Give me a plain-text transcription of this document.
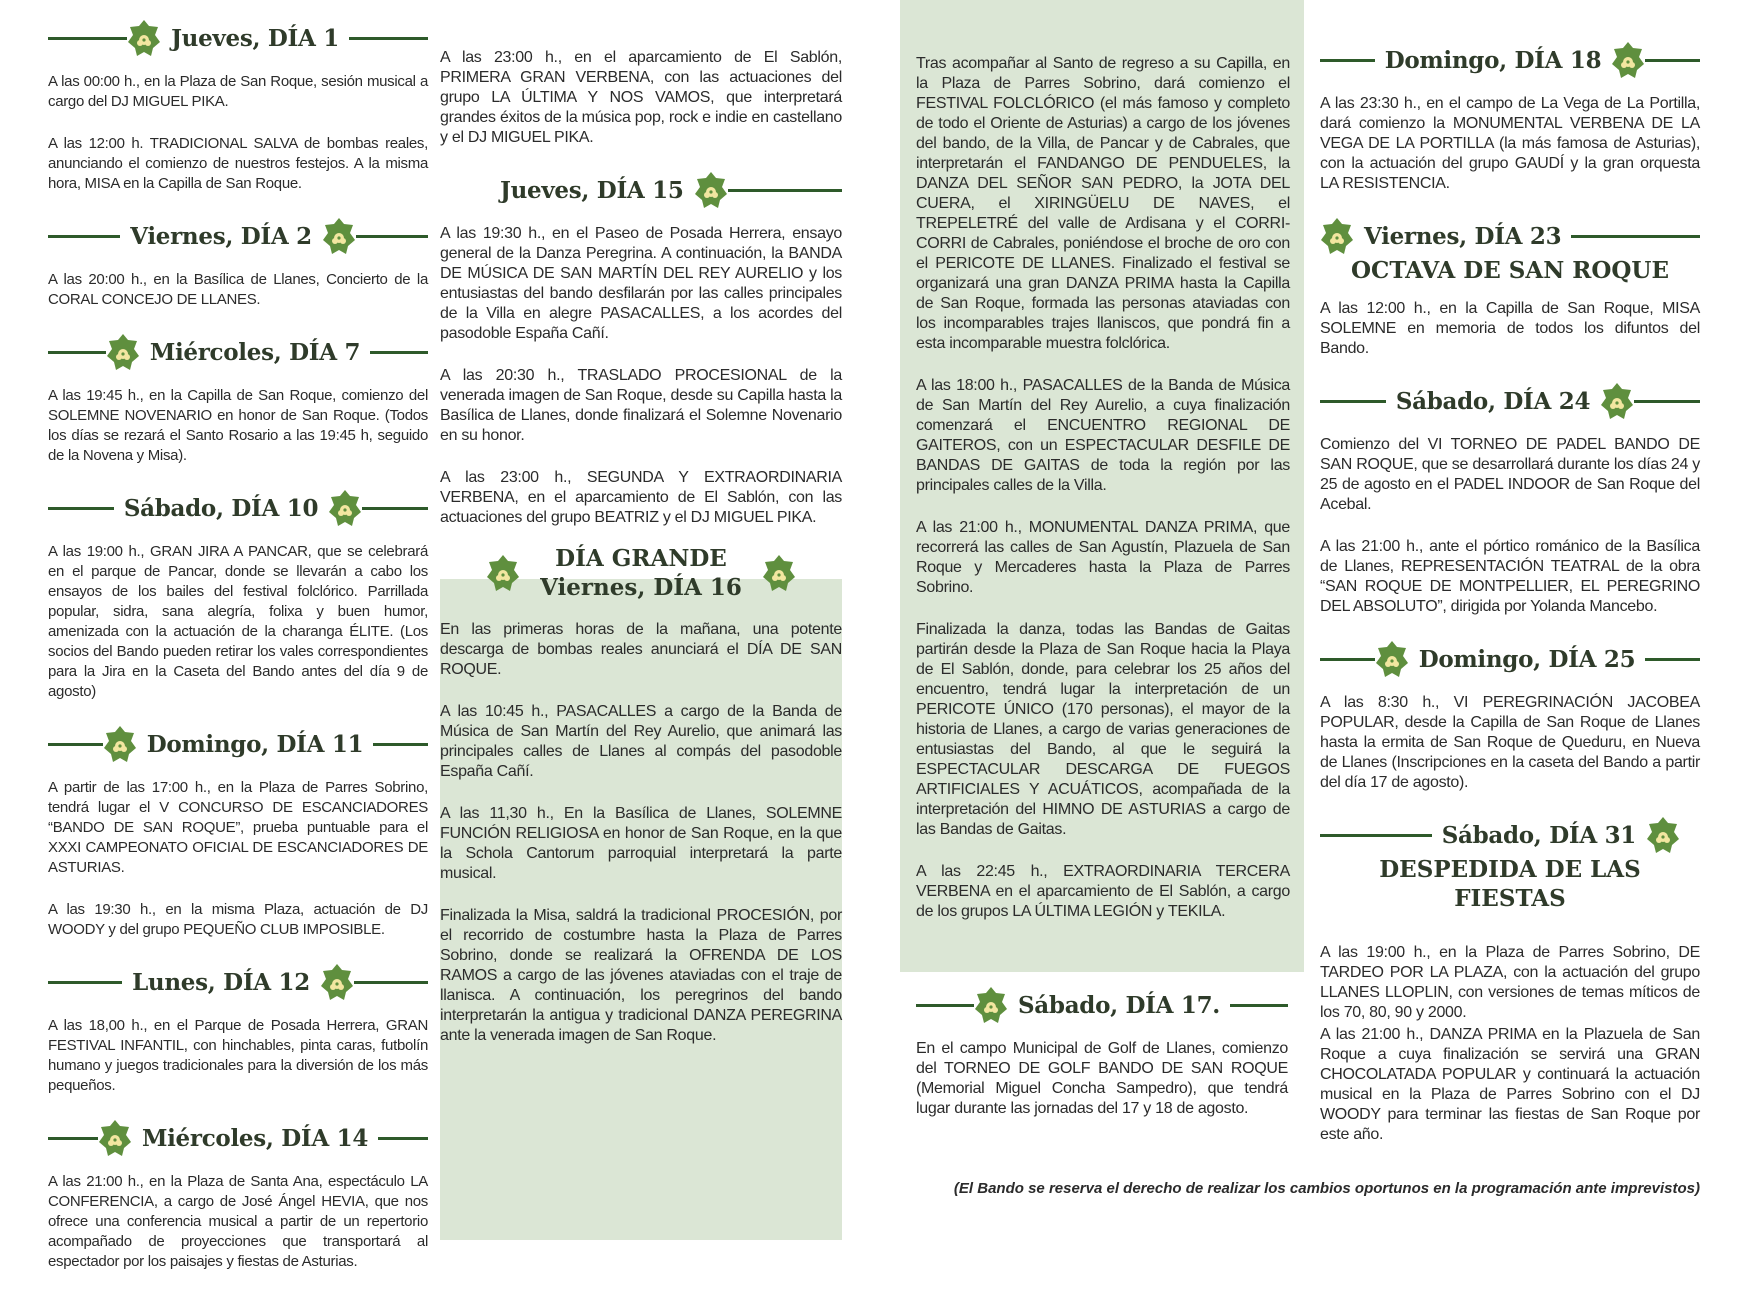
Jueves, DÍA 1

A las 00:00 h., en la Plaza de San Roque, sesión musical a cargo del DJ MIGUEL PIKA.

A las 12:00 h. TRADICIONAL SALVA de bombas reales, anunciando el comienzo de nuestros festejos. A la misma hora, MISA en la Capilla de San Roque.

Viernes, DÍA 2

A las 20:00 h., en la Basílica de Llanes, Concierto de la CORAL CONCEJO DE LLANES.

Miércoles, DÍA 7

A las 19:45 h., en la Capilla de San Roque, comienzo del SOLEMNE NOVENARIO en honor de San Roque. (Todos los días se rezará el Santo Rosario a las 19:45 h, seguido de la Novena y Misa).

Sábado, DÍA 10

A las 19:00 h., GRAN JIRA A PANCAR, que se celebrará en el parque de Pancar, donde se llevarán a cabo los ensayos de los bailes del festival folclórico. Parrillada popular, sidra, sana alegría, folixa y buen humor, amenizada con la actuación de la charanga ÉLITE. (Los socios del Bando pueden retirar los vales correspondientes para la Jira en la Caseta del Bando antes del día 9 de agosto)

Domingo, DÍA 11

A partir de las 17:00 h., en la Plaza de Parres Sobrino, tendrá lugar el V CONCURSO DE ESCANCIADORES “BANDO DE SAN ROQUE”, prueba puntuable para el XXXI CAMPEONATO OFICIAL DE ESCANCIADORES DE ASTURIAS.

A las 19:30 h., en la misma Plaza, actuación de DJ WOODY y del grupo PEQUEÑO CLUB IMPOSIBLE.

Lunes, DÍA 12

A las 18,00 h., en el Parque de Posada Herrera, GRAN FESTIVAL INFANTIL, con hinchables, pinta caras, futbolín humano y juegos tradicionales para la diversión de los más pequeños.

Miércoles, DÍA 14

A las 21:00 h., en la Plaza de Santa Ana, espectáculo LA CONFERENCIA, a cargo de José Ángel HEVIA, que nos ofrece una conferencia musical a partir de un repertorio acompañado de proyecciones que transportará al espectador por los paisajes y fiestas de Asturias.

A las 23:00 h., en el aparcamiento de El Sablón, PRIMERA GRAN VERBENA, con las actuaciones del grupo LA ÚLTIMA Y NOS VAMOS, que interpretará grandes éxitos de la música pop, rock e indie en castellano y el DJ MIGUEL PIKA.

Jueves, DÍA 15

A las 19:30 h., en el Paseo de Posada Herrera, ensayo general de la Danza Peregrina. A continuación, la BANDA DE MÚSICA DE SAN MARTÍN DEL REY AURELIO y los entusiastas del bando desfilarán por las calles principales de la Villa en alegre PASACALLES, a los acordes del pasodoble España Cañí.

A las 20:30 h., TRASLADO PROCESIONAL de la venerada imagen de San Roque, desde su Capilla hasta la Basílica de Llanes, donde finalizará el Solemne Novenario en su honor.

A las 23:00 h., SEGUNDA Y EXTRAORDINARIA VERBENA, en el aparcamiento de El Sablón, con las actuaciones del grupo BEATRIZ y el DJ MIGUEL PIKA.

DÍA GRANDE
Viernes, DÍA 16

En las primeras horas de la mañana, una potente descarga de bombas reales anunciará el DÍA DE SAN ROQUE.

A las 10:45 h., PASACALLES a cargo de la Banda de Música de San Martín del Rey Aurelio, que animará las principales calles de Llanes al compás del pasodoble España Cañí.

A las 11,30 h., En la Basílica de Llanes, SOLEMNE FUNCIÓN RELIGIOSA en honor de San Roque, en la que la Schola Cantorum parroquial interpretará la parte musical.

Finalizada la Misa, saldrá la tradicional PROCESIÓN, por el recorrido de costumbre hasta la Plaza de Parres Sobrino, donde se realizará la OFRENDA DE LOS RAMOS a cargo de las jóvenes ataviadas con el traje de llanisca. A continuación, los peregrinos del bando interpretarán la antigua y tradicional DANZA PEREGRINA ante la venerada imagen de San Roque.

Tras acompañar al Santo de regreso a su Capilla, en la Plaza de Parres Sobrino, dará comienzo el FESTIVAL FOLCLÓRICO (el más famoso y completo de todo el Oriente de Asturias) a cargo de los jóvenes del bando, de la Villa, de Pancar y de Cabrales, que interpretarán el FANDANGO DE PENDUELES, la DANZA DEL SEÑOR SAN PEDRO, la JOTA DEL CUERA, el XIRINGÜELU DE NAVES, el TREPELETRÉ del valle de Ardisana y el CORRI-CORRI de Cabrales, poniéndose el broche de oro con el PERICOTE DE LLANES. Finalizado el festival se organizará una gran DANZA PRIMA hasta la Capilla de San Roque, formada las personas ataviadas con los incomparables trajes llaniscos, que pondrá fin a esta incomparable muestra folclórica.

A las 18:00 h., PASACALLES de la Banda de Música de San Martín del Rey Aurelio, a cuya finalización comenzará el ENCUENTRO REGIONAL DE GAITEROS, con un ESPECTACULAR DESFILE DE BANDAS DE GAITAS de toda la región por las principales calles de la Villa.

A las 21:00 h., MONUMENTAL DANZA PRIMA, que recorrerá las calles de San Agustín, Plazuela de San Roque y Mercaderes hasta la Plaza de Parres Sobrino.

Finalizada la danza, todas las Bandas de Gaitas partirán desde la Plaza de San Roque hacia la Playa de El Sablón, donde, para celebrar los 25 años del encuentro, tendrá lugar la interpretación de un PERICOTE ÚNICO (170 personas), el mayor de la historia de Llanes, a cargo de varias generaciones de entusiastas del Bando, al que le seguirá la ESPECTACULAR DESCARGA DE FUEGOS ARTIFICIALES Y ACUÁTICOS, acompañada de la interpretación del HIMNO DE ASTURIAS a cargo de las Bandas de Gaitas.

A las 22:45 h., EXTRAORDINARIA TERCERA VERBENA en el aparcamiento de El Sablón, a cargo de los grupos LA ÚLTIMA LEGIÓN y TEKILA.

Sábado, DÍA 17.

En el campo Municipal de Golf de Llanes, comienzo del TORNEO DE GOLF BANDO DE SAN ROQUE (Memorial Miguel Concha Sampedro), que tendrá lugar durante las jornadas del 17 y 18 de agosto.

Domingo, DÍA 18

A las 23:30 h., en el campo de La Vega de La Portilla, dará comienzo la MONUMENTAL VERBENA DE LA VEGA DE LA PORTILLA (la más famosa de Asturias), con la actuación del grupo GAUDÍ y la gran orquesta LA RESISTENCIA.

Viernes, DÍA 23
OCTAVA DE SAN ROQUE

A las 12:00 h., en la Capilla de San Roque, MISA SOLEMNE en memoria de todos los difuntos del Bando.

Sábado, DÍA 24

Comienzo del VI TORNEO DE PADEL BANDO DE SAN ROQUE, que se desarrollará durante los días 24 y 25 de agosto en el PADEL INDOOR de San Roque del Acebal.

A las 21:00 h., ante el pórtico románico de la Basílica de Llanes, REPRESENTACIÓN TEATRAL de la obra “SAN ROQUE DE MONTPELLIER, EL PEREGRINO DEL ABSOLUTO”, dirigida por Yolanda Mancebo.

Domingo, DÍA 25

A las 8:30 h., VI PEREGRINACIÓN JACOBEA POPULAR, desde la Capilla de San Roque de Llanes hasta la ermita de San Roque de Queduru, en Nueva de Llanes (Inscripciones en la caseta del Bando a partir del día 17 de agosto).

Sábado, DÍA 31
DESPEDIDA DE LAS FIESTAS

A las 19:00 h., en la Plaza de Parres Sobrino, DE TARDEO POR LA PLAZA, con la actuación del grupo LLANES LLOPLIN, con versiones de temas míticos de los 70, 80, 90 y 2000.

A las 21:00 h., DANZA PRIMA en la Plazuela de San Roque a cuya finalización se servirá una GRAN CHOCOLATADA POPULAR y continuará la actuación musical en la Plaza de Parres Sobrino con el DJ WOODY para terminar las fiestas de San Roque por este año.

(El Bando se reserva el derecho de realizar los cambios oportunos en la programación ante imprevistos)
